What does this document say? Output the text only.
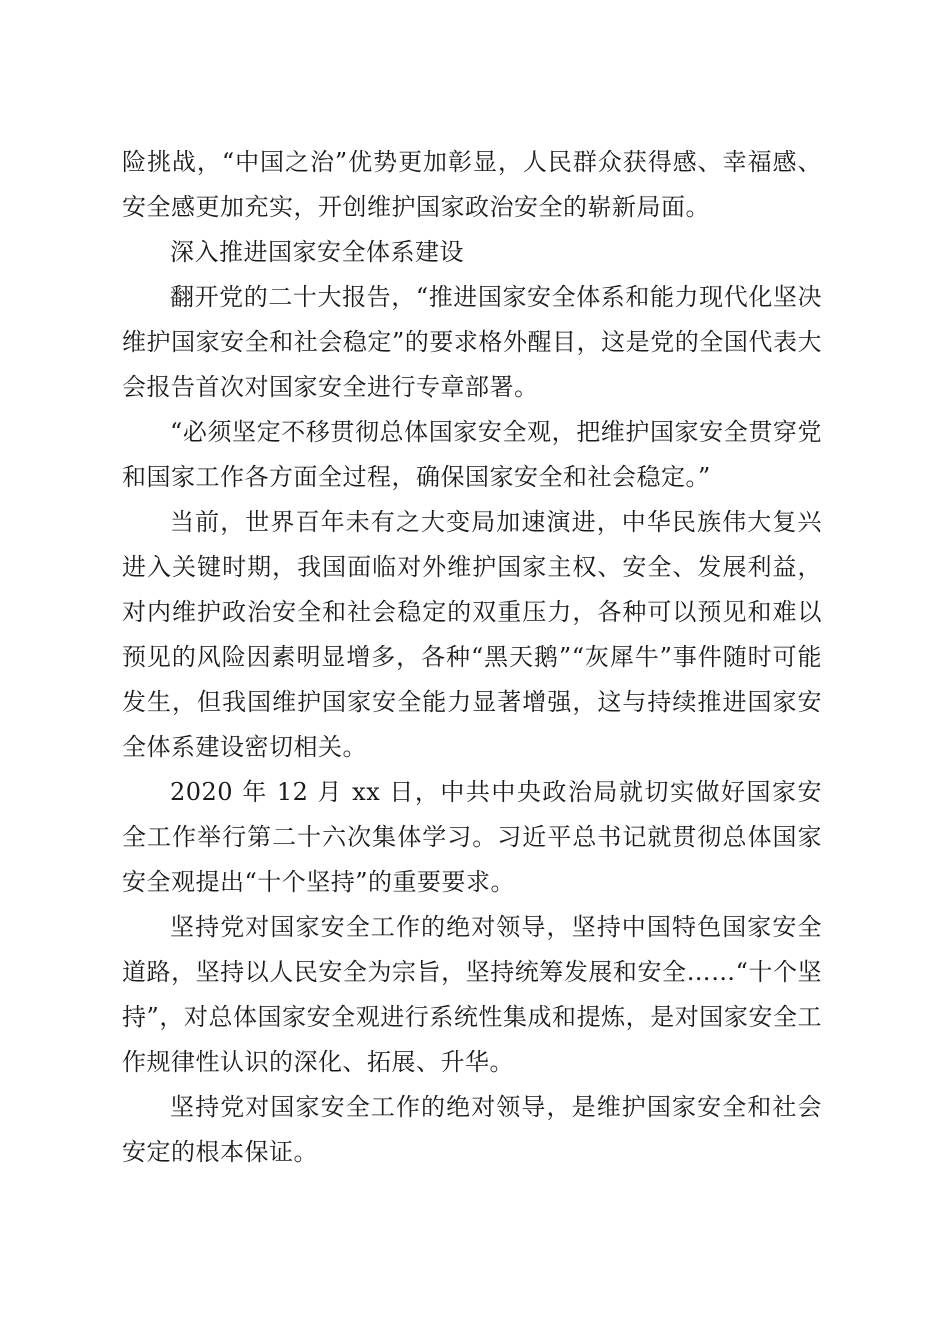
险挑战，“中国之治”优势更加彰显，人民群众获得感、幸福感、安全感更加充实，开创维护国家政治安全的崭新局面。

深入推进国家安全体系建设

翻开党的二十大报告，“推进国家安全体系和能力现代化坚决维护国家安全和社会稳定”的要求格外醒目，这是党的全国代表大会报告首次对国家安全进行专章部署。

“必须坚定不移贯彻总体国家安全观，把维护国家安全贯穿党和国家工作各方面全过程，确保国家安全和社会稳定。”

当前，世界百年未有之大变局加速演进，中华民族伟大复兴进入关键时期，我国面临对外维护国家主权、安全、发展利益，对内维护政治安全和社会稳定的双重压力，各种可以预见和难以预见的风险因素明显增多，各种“黑天鹅”“灰犀牛”事件随时可能发生，但我国维护国家安全能力显著增强，这与持续推进国家安全体系建设密切相关。

2020 年 12 月 xx 日，中共中央政治局就切实做好国家安全工作举行第二十六次集体学习。习近平总书记就贯彻总体国家安全观提出“十个坚持”的重要要求。

坚持党对国家安全工作的绝对领导，坚持中国特色国家安全道路，坚持以人民安全为宗旨，坚持统筹发展和安全……“十个坚持”，对总体国家安全观进行系统性集成和提炼，是对国家安全工作规律性认识的深化、拓展、升华。

坚持党对国家安全工作的绝对领导，是维护国家安全和社会安定的根本保证。
